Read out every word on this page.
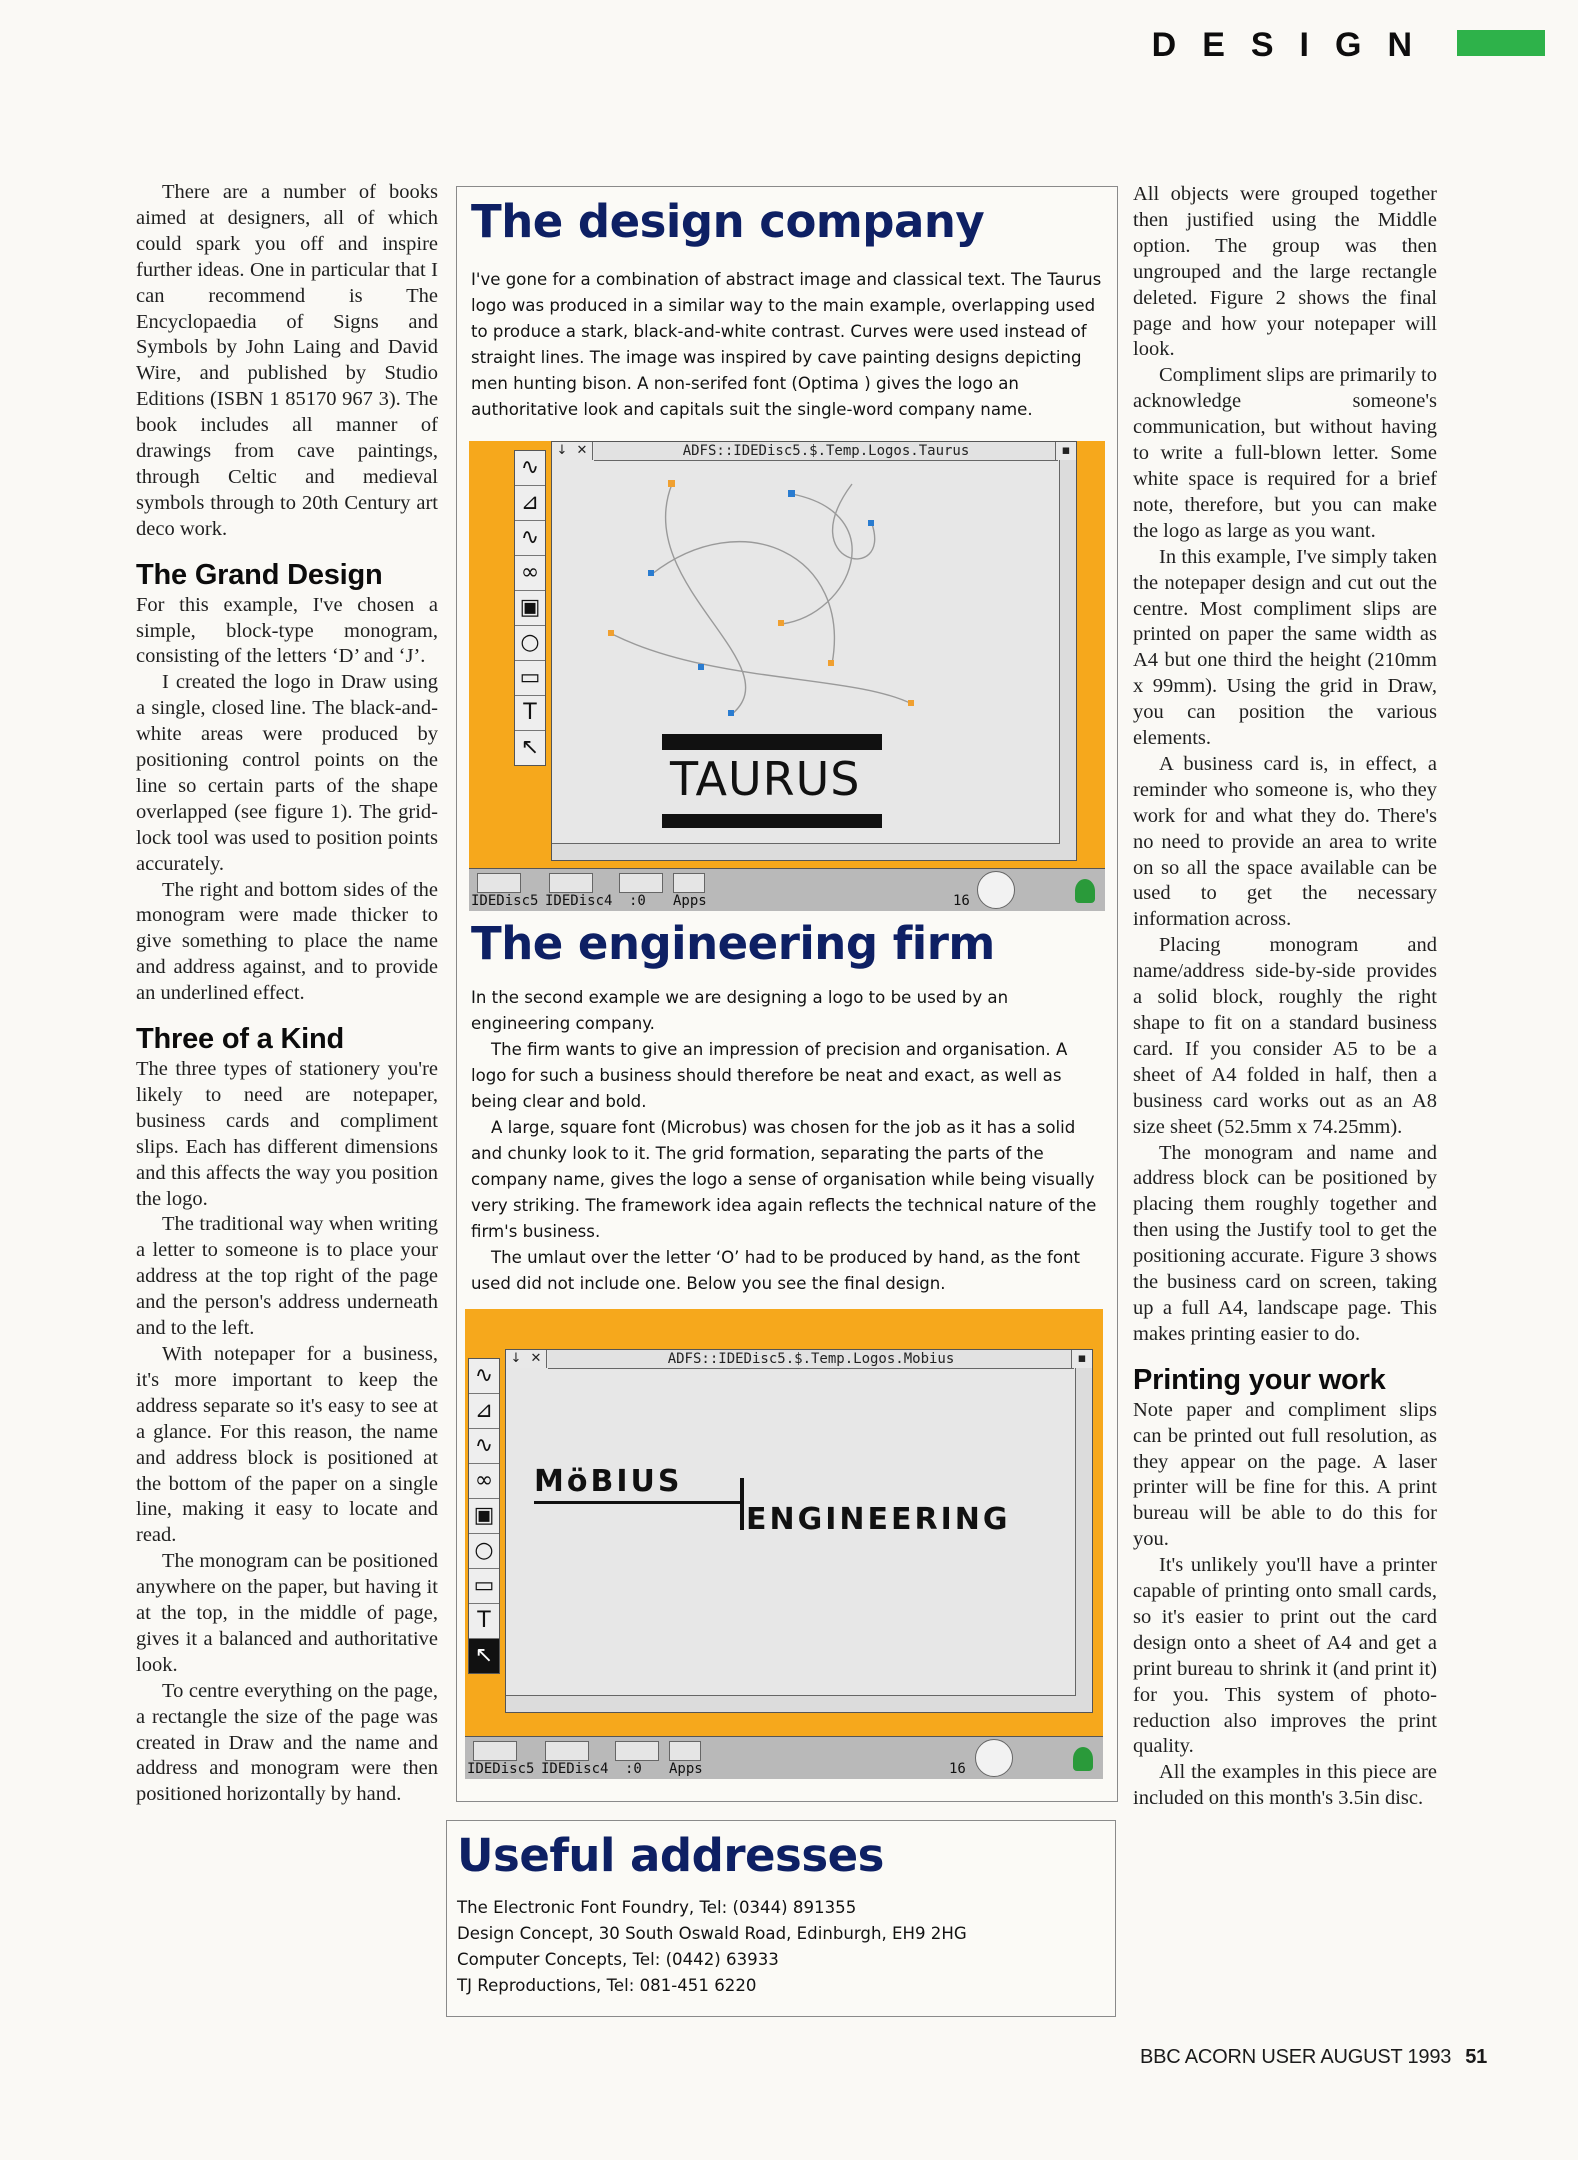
DESIGN

There are a number of books aimed at designers, all of which could spark you off and inspire further ideas. One in particular that I can recommend is The Encyclopaedia of Signs and Symbols by John Laing and David Wire, and published by Studio Editions (ISBN 1 85170 967 3). The book includes all manner of drawings from cave paintings, through Celtic and medieval symbols through to 20th Century art deco work.

The Grand Design

For this example, I've chosen a simple, block-type monogram, consisting of the letters ‘D’ and ‘J’.

I created the logo in Draw using a single, closed line. The black-and-white areas were produced by positioning control points on the line so certain parts of the shape overlapped (see figure 1). The grid-lock tool was used to position points accurately.

The right and bottom sides of the monogram were made thicker to give something to place the name and address against, and to provide an underlined effect.

Three of a Kind

The three types of stationery you're likely to need are notepaper, business cards and compliment slips. Each has different dimensions and this affects the way you position the logo.

The traditional way when writing a letter to someone is to place your address at the top right of the page and the person's address underneath and to the left.

With notepaper for a business, it's more important to keep the address separate so it's easy to see at a glance. For this reason, the name and address block is positioned at the bottom of the paper on a single line, making it easy to locate and read.

The monogram can be positioned anywhere on the paper, but having it at the top, in the middle of page, gives it a balanced and authoritative look.

To centre everything on the page, a rectangle the size of the page was created in Draw and the name and address and monogram were then positioned horizontally by hand.

The design company

I've gone for a combination of abstract image and classical text. The Taurus logo was produced in a similar way to the main example, overlapping used to produce a stark, black-and-white contrast. Curves were used instead of straight lines. The image was inspired by cave painting designs depicting men hunting bison. A non-serifed font (Optima ) gives the logo an authoritative look and capitals suit the single-word company name.

↓ ✕	ADFS::IDEDisc5.$.Temp.Logos.Taurus	▪
∿
⊿
∿
∞
▣
○
▭
T
↖
TAURUS
IDEDisc5 IDEDisc4 :0 Apps	16
The engineering firm

In the second example we are designing a logo to be used by an engineering company.

The firm wants to give an impression of precision and organisation. A logo for such a business should therefore be neat and exact, as well as being clear and bold.

A large, square font (Microbus) was chosen for the job as it has a solid and chunky look to it. The grid formation, separating the parts of the company name, gives the logo a sense of organisation while being visually very striking. The framework idea again reflects the technical nature of the firm's business.

The umlaut over the letter ‘O’ had to be produced by hand, as the font used did not include one. Below you see the final design.

↓ ✕	ADFS::IDEDisc5.$.Temp.Logos.Mobius	▪
∿
⊿
∿
∞
▣
○
▭
T
↖
MöBIUS
ENGINEERING
IDEDisc5 IDEDisc4 :0 Apps	16
Useful addresses

The Electronic Font Foundry, Tel: (0344) 891355

Design Concept, 30 South Oswald Road, Edinburgh, EH9 2HG

Computer Concepts, Tel: (0442) 63933

TJ Reproductions, Tel: 081-451 6220

All objects were grouped together then justified using the Middle option. The group was then ungrouped and the large rectangle deleted. Figure 2 shows the final page and how your notepaper will look.

Compliment slips are primarily to acknowledge someone's communication, but without having to write a full-blown letter. Some white space is required for a brief note, therefore, but you can make the logo as large as you want.

In this example, I've simply taken the notepaper design and cut out the centre. Most compliment slips are printed on paper the same width as A4 but one third the height (210mm x 99mm). Using the grid in Draw, you can position the various elements.

A business card is, in effect, a reminder who someone is, who they work for and what they do. There's no need to provide an area to write on so all the space available can be used to get the necessary information across.

Placing monogram and name/address side-by-side provides a solid block, roughly the right shape to fit on a standard business card. If you consider A5 to be a sheet of A4 folded in half, then a business card works out as an A8 size sheet (52.5mm x 74.25mm).

The monogram and name and address block can be positioned by placing them roughly together and then using the Justify tool to get the positioning accurate. Figure 3 shows the business card on screen, taking up a full A4, landscape page. This makes printing easier to do.

Printing your work

Note paper and compliment slips can be printed out full resolution, as they appear on the page. A laser printer will be fine for this. A print bureau will be able to do this for you.

It's unlikely you'll have a printer capable of printing onto small cards, so it's easier to print out the card design onto a sheet of A4 and get a print bureau to shrink it (and print it) for you. This system of photo-reduction also improves the print quality.

All the examples in this piece are included on this month's 3.5in disc.

BBC ACORN USER AUGUST 1993 51
